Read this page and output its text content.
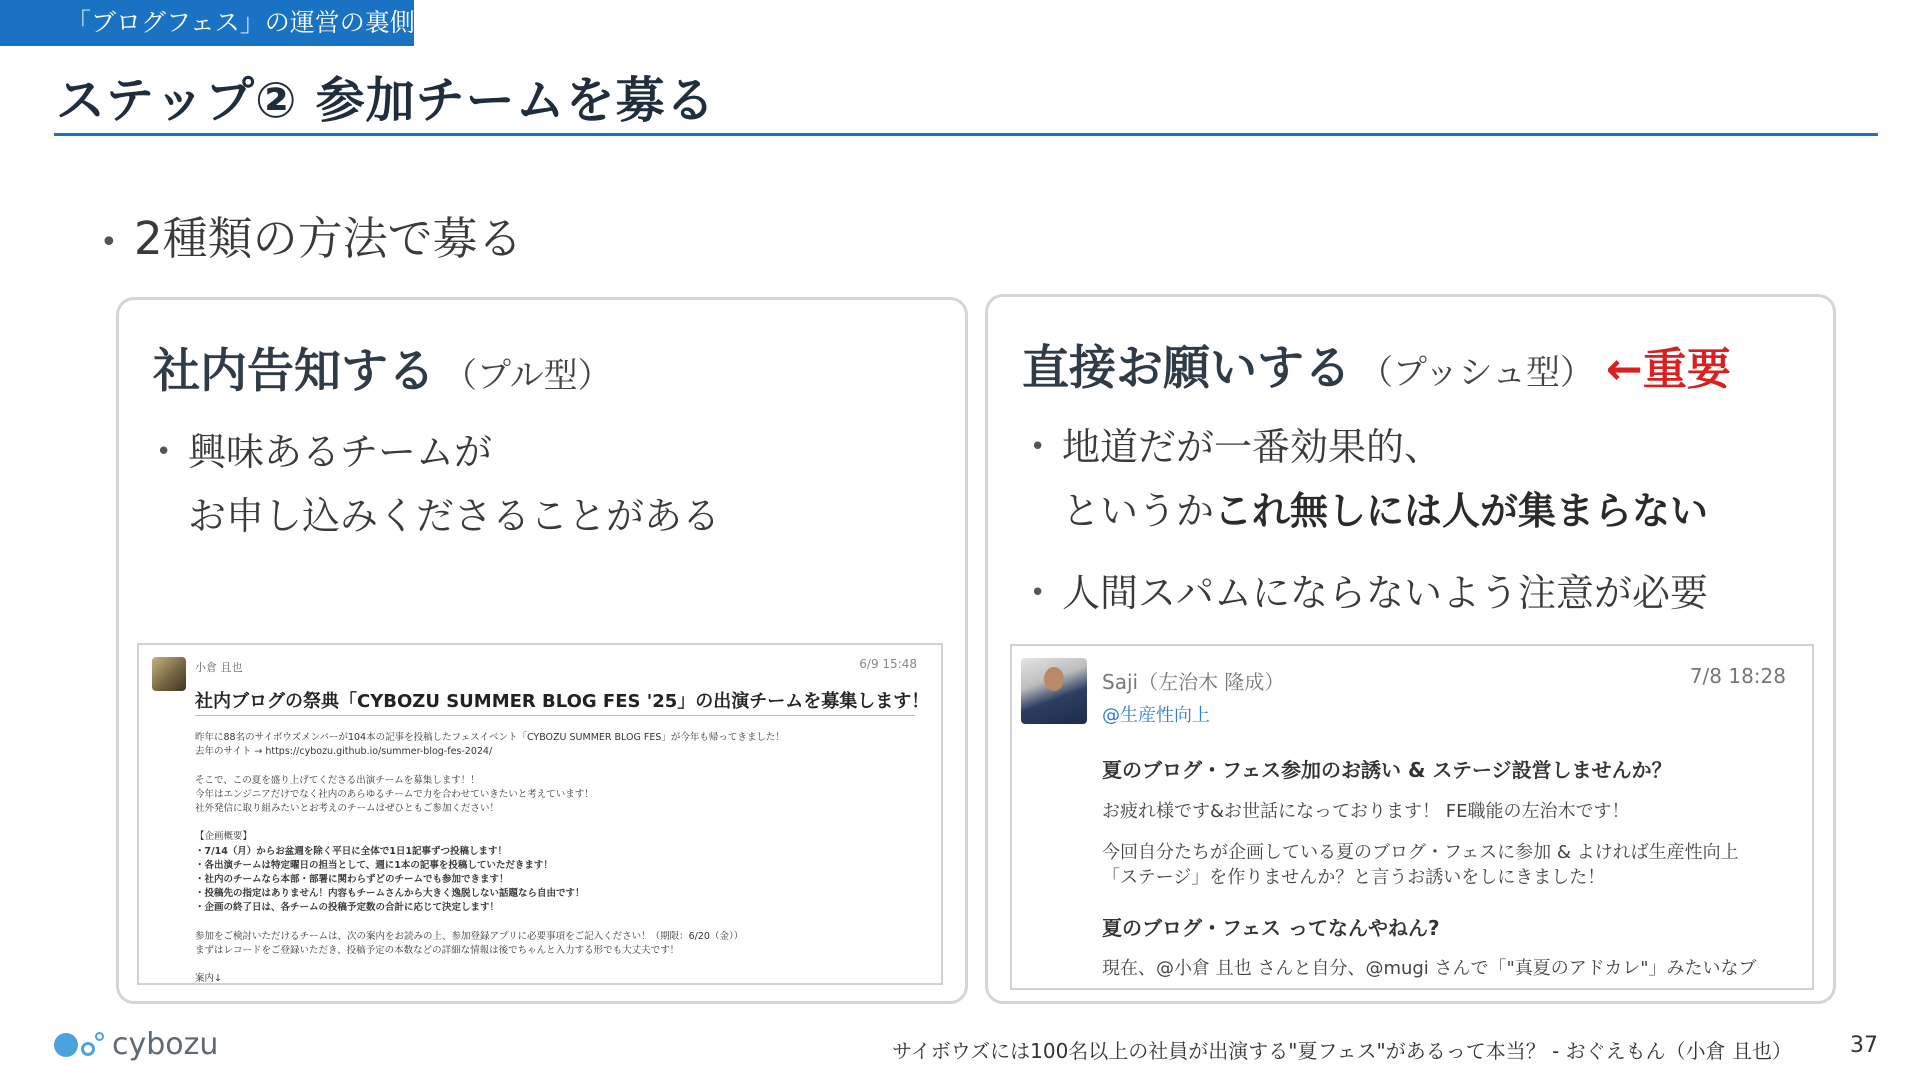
「ブログフェス」の運営の裏側
ステップ② 参加チームを募る
• 2種類の方法で募る
社内告知する （プル型）
• 興味あるチームが
お申し込みくださることがある
小倉 且也	6/9 15:48
社内ブログの祭典「CYBOZU SUMMER BLOG FES '25」の出演チームを募集します！
昨年に88名のサイボウズメンバーが104本の記事を投稿したフェスイベント「CYBOZU SUMMER BLOG FES」が今年も帰ってきました！
去年のサイト → https://cybozu.github.io/summer-blog-fes-2024/
そこで、この夏を盛り上げてくださる出演チームを募集します！！
今年はエンジニアだけでなく社内のあらゆるチームで力を合わせていきたいと考えています！
社外発信に取り組みたいとお考えのチームはぜひともご参加ください！
【企画概要】
・7/14（月）からお盆週を除く平日に全体で1日1記事ずつ投稿します！
・各出演チームは特定曜日の担当として、週に1本の記事を投稿していただきます！
・社内のチームなら本部・部署に関わらずどのチームでも参加できます！
・投稿先の指定はありません！内容もチームさんから大きく逸脱しない話題なら自由です！
・企画の終了日は、各チームの投稿予定数の合計に応じて決定します！
参加をご検討いただけるチームは、次の案内をお読みの上、参加登録アプリに必要事項をご記入ください！（期限：6/20（金））
まずはレコードをご登録いただき、投稿予定の本数などの詳細な情報は後でちゃんと入力する形でも大丈夫です！
案内↓
直接お願いする （プッシュ型） ←重要
• 地道だが一番効果的、
というかこれ無しには人が集まらない
• 人間スパムにならないよう注意が必要
Saji（左治木 隆成）	7/8 18:28
@生産性向上
夏のブログ・フェス参加のお誘い & ステージ設営しませんか？
お疲れ様です&お世話になっております！ FE職能の左治木です！
今回自分たちが企画している夏のブログ・フェスに参加 & よければ生産性向上
「ステージ」を作りませんか？と言うお誘いをしにきました！
夏のブログ・フェス ってなんやねん?
現在、@小倉 且也 さんと自分、@mugi さんで「"真夏のアドカレ"」みたいなブ
cybozu	サイボウズには100名以上の社員が出演する"夏フェス"があるって本当？ - おぐえもん（小倉 且也）	37
